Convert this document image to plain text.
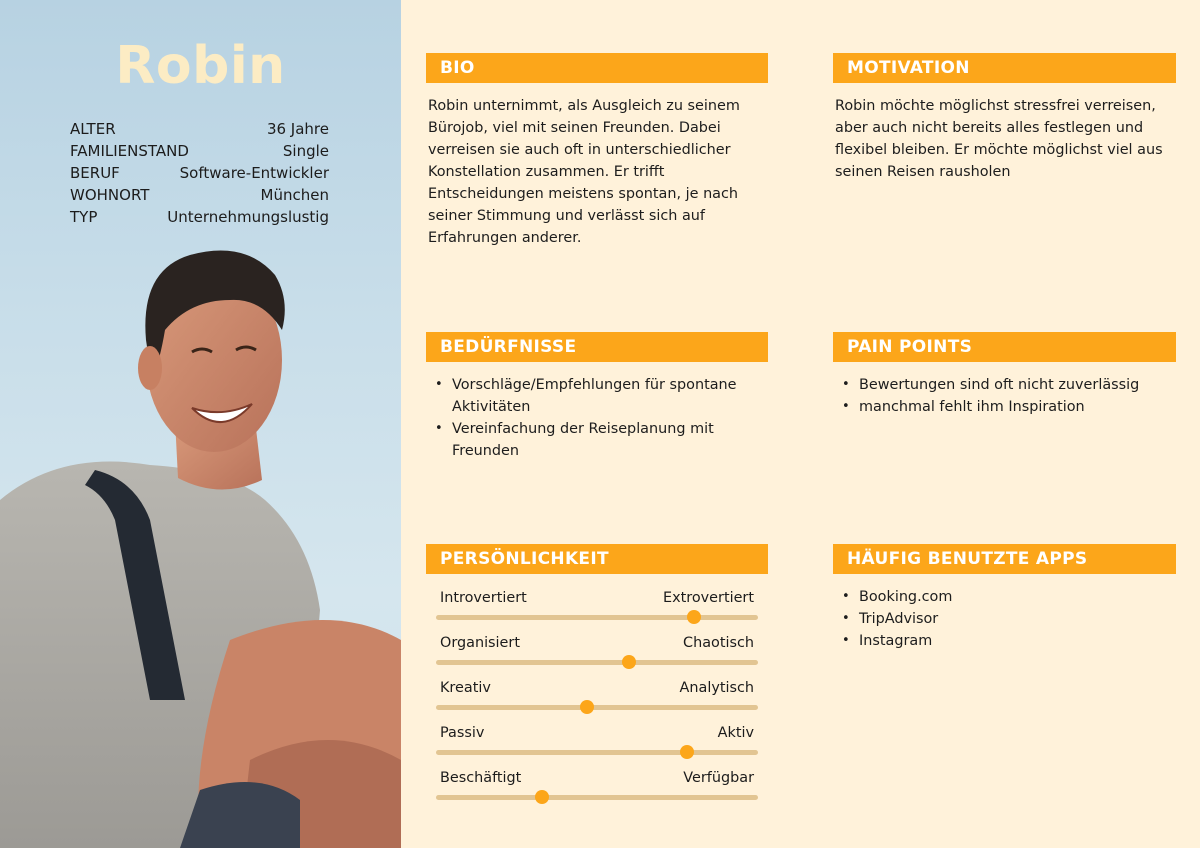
Robin
ALTER	36 Jahre
FAMILIENSTAND	Single
BERUF	Software-Entwickler
WOHNORT	München
TYP	Unternehmungslustig
BIO

Robin unternimmt, als Ausgleich zu seinem Bürojob, viel mit seinen Freunden. Dabei verreisen sie auch oft in unterschiedlicher Konstellation zusammen. Er trifft Entscheidungen meistens spontan, je nach seiner Stimmung und verlässt sich auf Erfahrungen anderer.

MOTIVATION

Robin möchte möglichst stressfrei verreisen, aber auch nicht bereits alles festlegen und flexibel bleiben. Er möchte möglichst viel aus seinen Reisen rausholen

BEDÜRFNISSE
• Vorschläge/Empfehlungen für spontane Aktivitäten
• Vereinfachung der Reiseplanung mit Freunden
PAIN POINTS
• Bewertungen sind oft nicht zuverlässig
• manchmal fehlt ihm Inspiration
PERSÖNLICHKEIT
Introvertiert	Extrovertiert
Organisiert	Chaotisch
Kreativ	Analytisch
Passiv	Aktiv
Beschäftigt	Verfügbar
HÄUFIG BENUTZTE APPS
• Booking.com
• TripAdvisor
• Instagram
